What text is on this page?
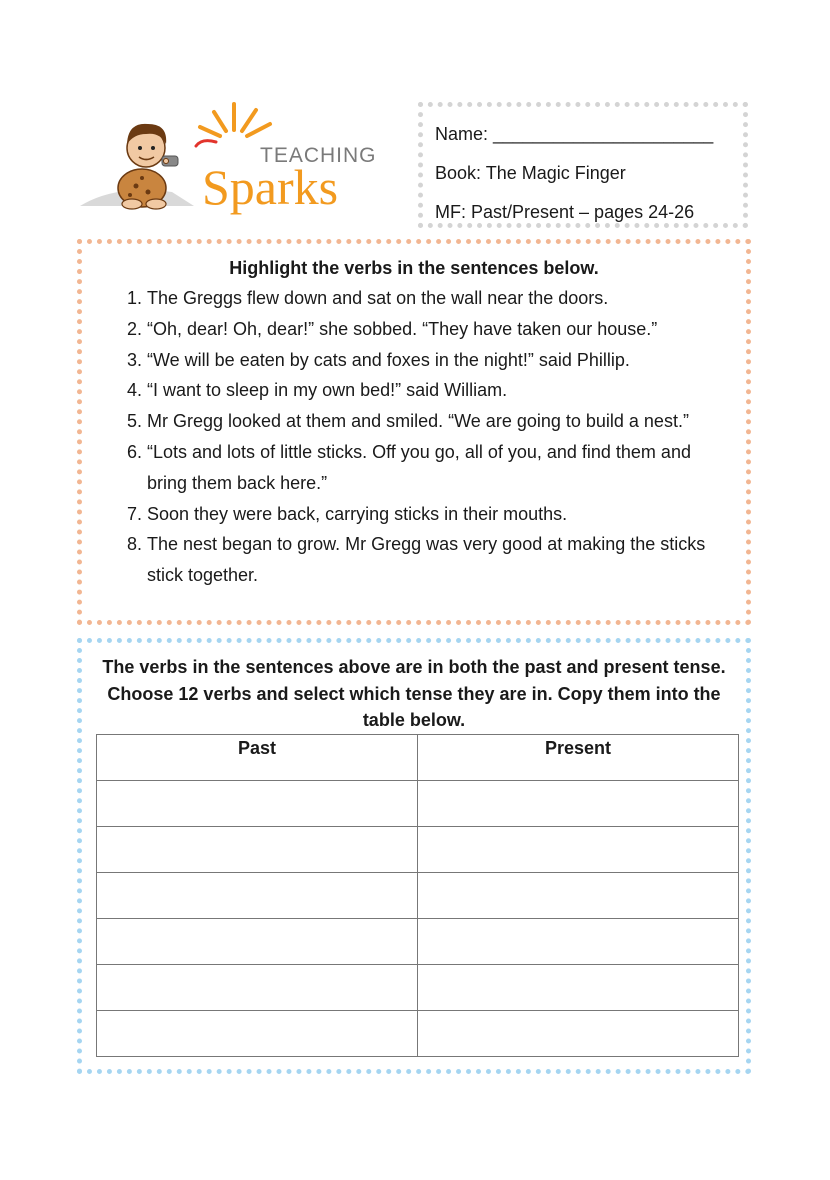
TEACHING
Sparks
Name: ______________________
Book: The Magic Finger
MF: Past/Present – pages 24-26
Highlight the verbs in the sentences below.
1. The Greggs flew down and sat on the wall near the doors.
2. “Oh, dear! Oh, dear!” she sobbed. “They have taken our house.”
3. “We will be eaten by cats and foxes in the night!” said Phillip.
4. “I want to sleep in my own bed!” said William.
5. Mr Gregg looked at them and smiled. “We are going to build a nest.”
6. “Lots and lots of little sticks. Off you go, all of you, and find them and bring them back here.”
7. Soon they were back, carrying sticks in their mouths.
8. The nest began to grow. Mr Gregg was very good at making the sticks stick together.
The verbs in the sentences above are in both the past and present tense. Choose 12 verbs and select which tense they are in. Copy them into the table below.
Past	Present
